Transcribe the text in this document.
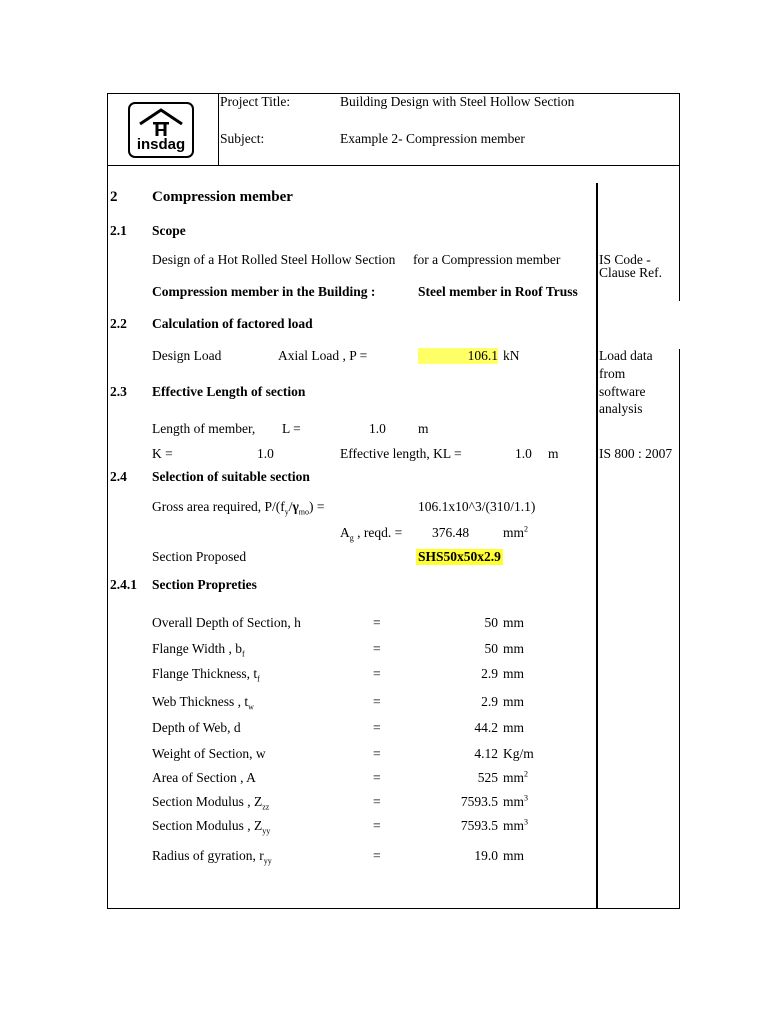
insdag
Project Title:	Building Design with Steel Hollow Section
Subject:	Example 2- Compression member
2 Compression member
2.1 Scope
Design of a Hot Rolled Steel Hollow Section for a Compression member	IS Code -
Clause Ref.
Compression member in the Building :	Steel member in Roof Truss
2.2 Calculation of factored load
Design Load	Axial Load , P =	106.1 kN	Load data
from
software
analysis
2.3 Effective Length of section
Length of member, L =	1.0 m
K =	1.0	Effective length, KL =	1.0 m	IS 800 : 2007
2.4 Selection of suitable section
Gross area required, $P/(f_y/\gamma_{mo})$ =	106.1x10^3/(310/1.1)
$A_g$ , reqd. = 376.48	$mm^2$
Section Proposed	SHS50x50x2.9
2.4.1 Section Propreties
Overall Depth of Section, h	=	50 mm
Flange Width , $b_f$	=	50 mm
Flange Thickness, $t_f$	=	2.9 mm
Web Thickness , $t_w$	=	2.9 mm
Depth of Web, d	=	44.2 mm
Weight of Section, w	=	4.12 Kg/m
Area of Section , A	=	525 $mm^2$
Section Modulus , $Z_{zz}$	=	7593.5 $mm^3$
Section Modulus , $Z_{yy}$	=	7593.5 $mm^3$
Radius of gyration, $r_{yy}$	=	19.0 mm
